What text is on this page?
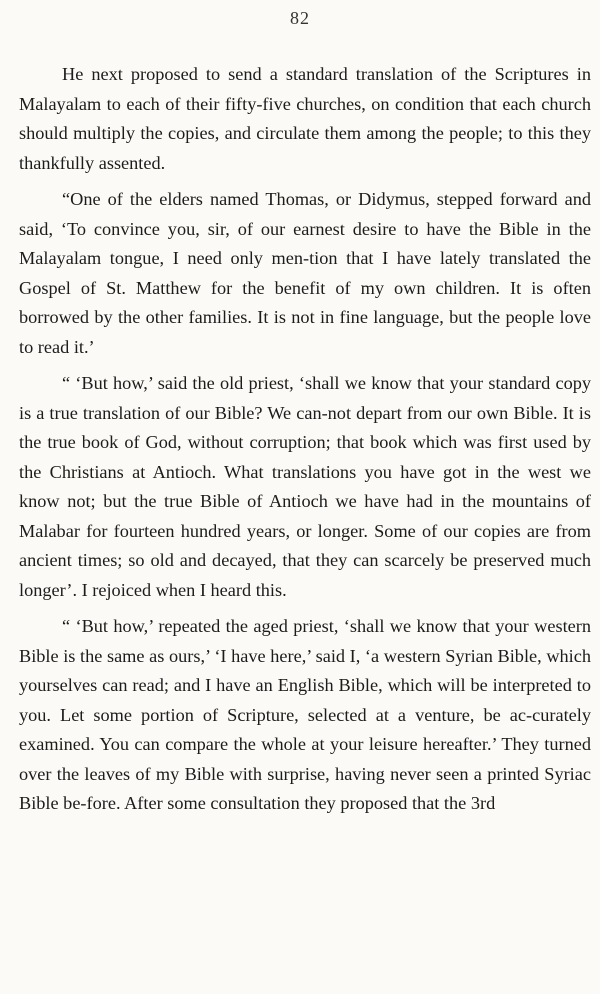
82

He next proposed to send a standard translation of the Scriptures in Malayalam to each of their fifty-five churches, on condition that each church should multiply the copies, and circulate them among the people; to this they thankfully assented.

“One of the elders named Thomas, or Didymus, stepped forward and said, ‘To convince you, sir, of our earnest desire to have the Bible in the Malayalam tongue, I need only men-tion that I have lately translated the Gospel of St. Matthew for the benefit of my own children. It is often borrowed by the other families. It is not in fine language, but the people love to read it.’

“ ‘But how,’ said the old priest, ‘shall we know that your standard copy is a true translation of our Bible? We can-not depart from our own Bible. It is the true book of God, without corruption; that book which was first used by the Christians at Antioch. What translations you have got in the west we know not; but the true Bible of Antioch we have had in the mountains of Malabar for fourteen hundred years, or longer. Some of our copies are from ancient times; so old and decayed, that they can scarcely be preserved much longer’. I rejoiced when I heard this.

“ ‘But how,’ repeated the aged priest, ‘shall we know that your western Bible is the same as ours,’ ‘I have here,’ said I, ‘a western Syrian Bible, which yourselves can read; and I have an English Bible, which will be interpreted to you. Let some portion of Scripture, selected at a venture, be ac-curately examined. You can compare the whole at your leisure hereafter.’ They turned over the leaves of my Bible with surprise, having never seen a printed Syriac Bible be-fore. After some consultation they proposed that the 3rd
